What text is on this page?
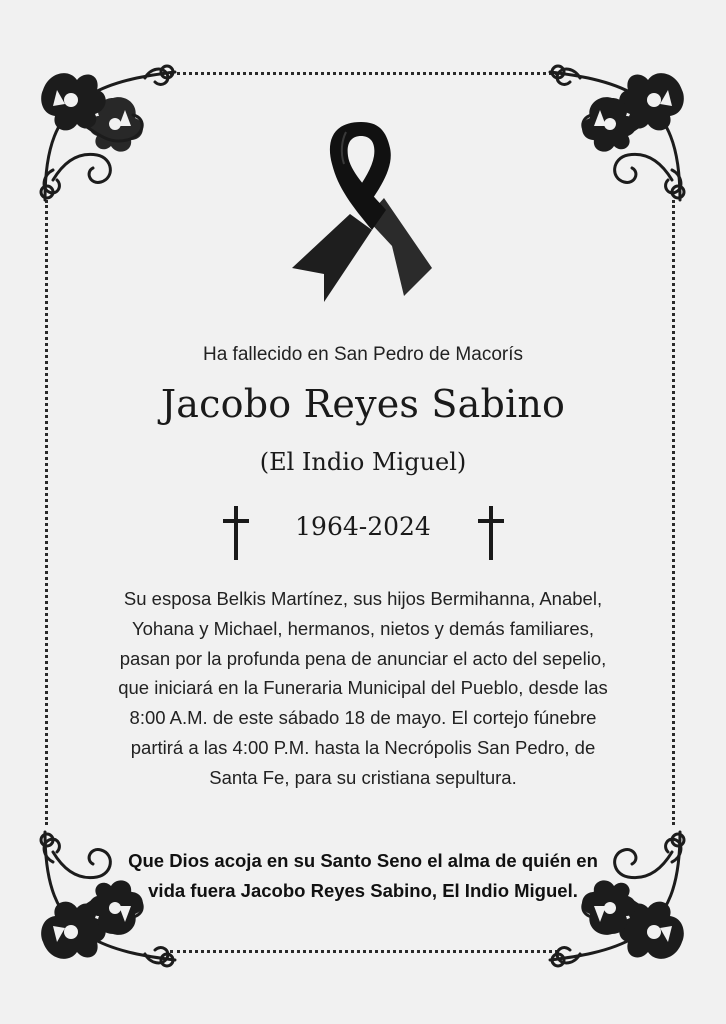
Ha fallecido en San Pedro de Macorís
Jacobo Reyes Sabino
(El Indio Miguel)
1964-2024
Su esposa Belkis Martínez, sus hijos Bermihanna, Anabel, Yohana y Michael, hermanos, nietos y demás familiares, pasan por la profunda pena de anunciar el acto del sepelio, que iniciará en la Funeraria Municipal del Pueblo, desde las 8:00 A.M. de este sábado 18 de mayo. El cortejo fúnebre partirá a las 4:00 P.M. hasta la Necrópolis San Pedro, de Santa Fe, para su cristiana sepultura.
Que Dios acoja en su Santo Seno el alma de quién en vida fuera Jacobo Reyes Sabino, El Indio Miguel.
